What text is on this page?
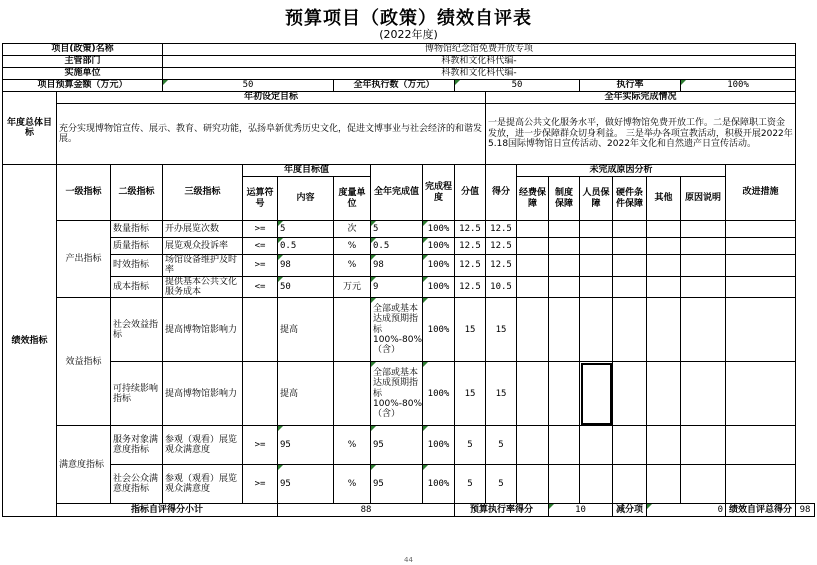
预算项目（政策）绩效自评表
(2022年度)
项目(政策)名称			博物馆纪念馆免费开放专项															
主管部门			科教和文化科代编-															
实施单位			科教和文化科代编-															
项目预算金额（万元）			50			全年执行数（万元）			50				执行率			100%		
年度总体目标	年初设定目标									全年实际完成情况								
	充分实现博物馆宣传、展示、教育、研究功能，弘扬阜新优秀历史文化，促进文博事业与社会经济的和谐发展。									一是提高公共文化服务水平，做好博物馆免费开放工作。二是保障职工资金发放，进一步保障群众切身利益。 三是举办各项宣教活动，积极开展2022年5.18国际博物馆日宣传活动、2022年文化和自然遗产日宣传活动。								
绩效指标	一级指标	二级指标	三级指标	年度目标值			全年完成值	完成程度	分值	得分	未完成原因分析						改进措施	
				运算符号	内容	度量单位					经费保障	制度保障	人员保障	硬件条件保障	其他	原因说明		
	产出指标	数量指标	开办展览次数	>=	5	次	5	100%	12.5	12.5								
		质量指标	展览观众投诉率	<=	0.5	%	0.5	100%	12.5	12.5								
		时效指标	场馆设备维护及时率	>=	98	%	98	100%	12.5	12.5								
		成本指标	提供基本公共文化服务成本	<=	50	万元	9	100%	12.5	10.5								
	效益指标	社会效益指标	提高博物馆影响力		提高		全部或基本达成预期指标100%-80%（含）	100%	15	15								

		可持续影响指标	提高博物馆影响力		提高		全部或基本达成预期指标100%-80%（含）	100%	15	15								

	满意度指标	服务对象满意度指标	参观（观看）展览观众满意度	>=	95	%	95	100%	5	5								
		社会公众满意度指标	参观（观看）展览观众满意度	>=	95	%	95	100%	5	5								
	指标自评得分小计				88				预算执行率得分			10		减分项	0		绩效自评总得分	98
44
